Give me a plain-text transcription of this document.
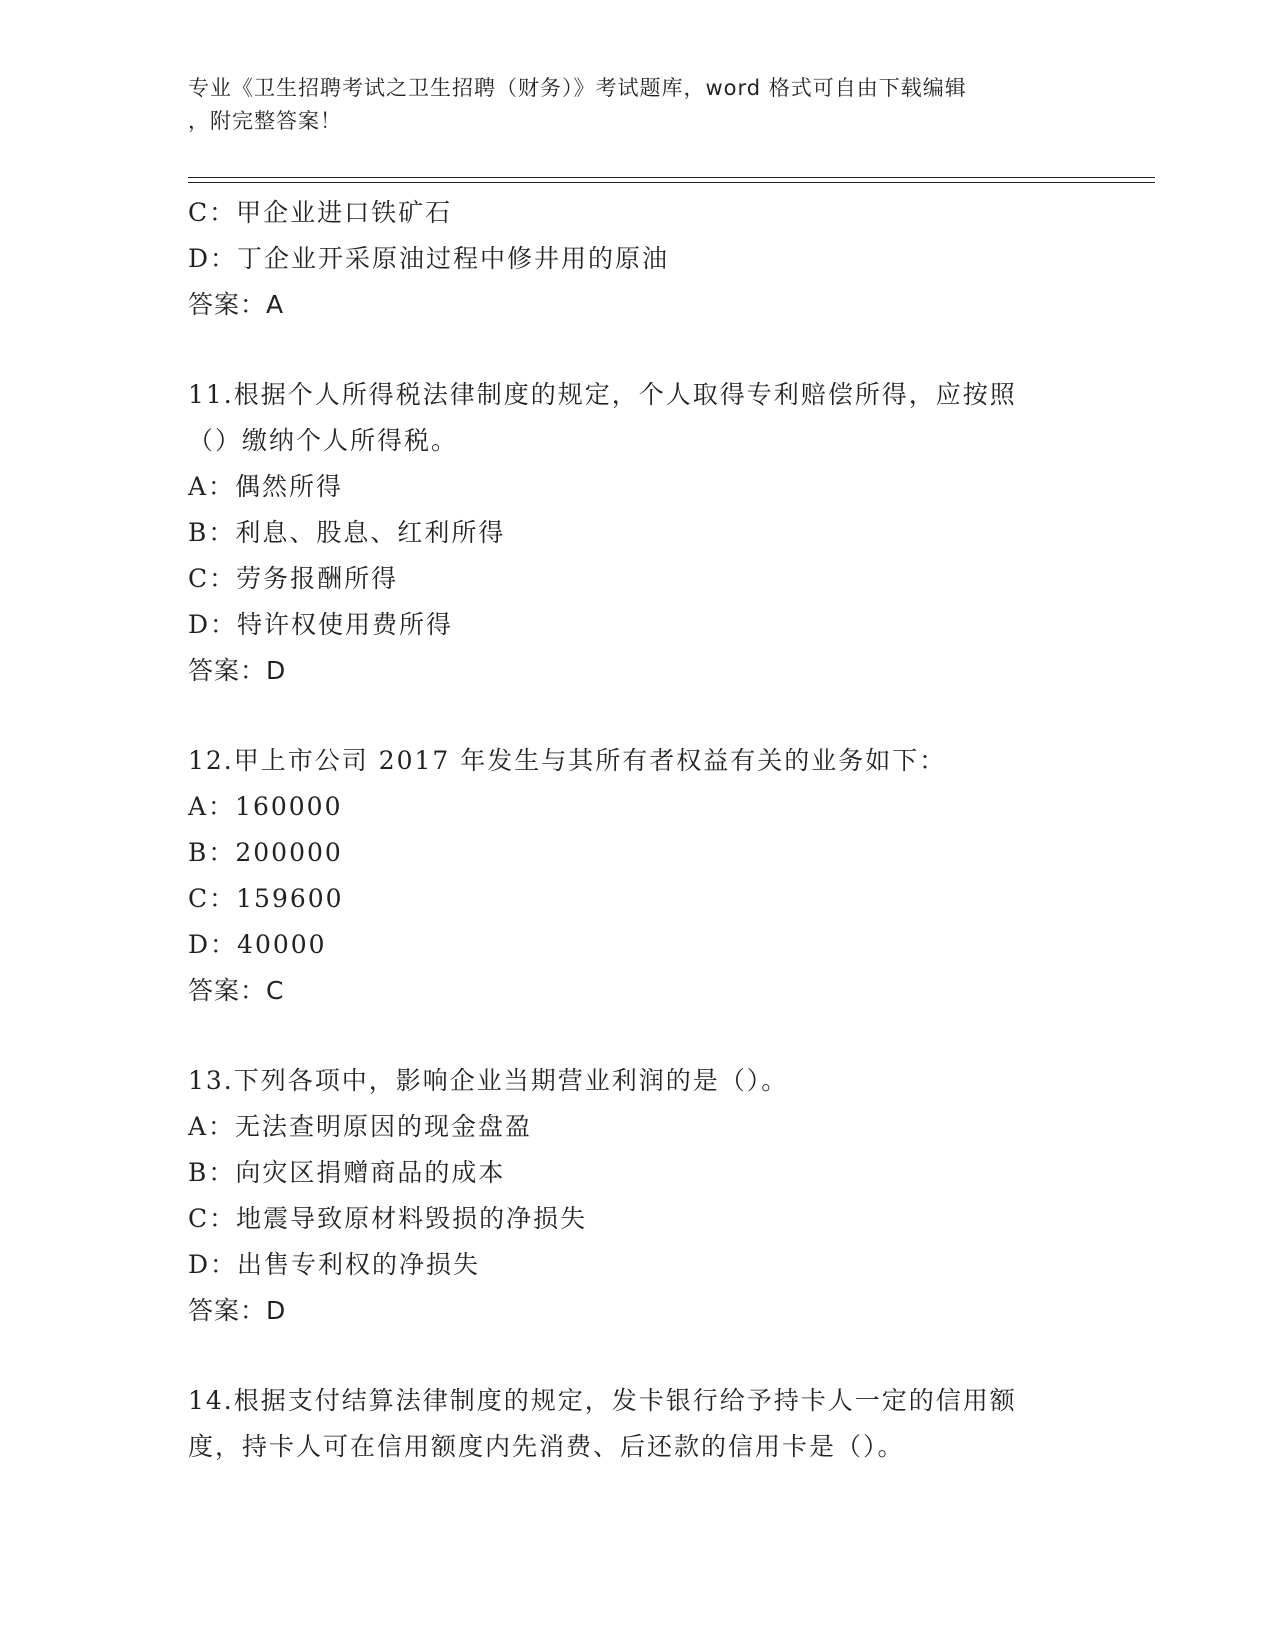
专业《卫生招聘考试之卫生招聘（财务）》考试题库，word 格式可自由下载编辑
，附完整答案！
C：甲企业进口铁矿石
D：丁企业开采原油过程中修井用的原油
答案：A
11.根据个人所得税法律制度的规定，个人取得专利赔偿所得，应按照
（）缴纳个人所得税。
A：偶然所得
B：利息、股息、红利所得
C：劳务报酬所得
D：特许权使用费所得
答案：D
12.甲上市公司 2017 年发生与其所有者权益有关的业务如下：
A：160000
B：200000
C：159600
D：40000
答案：C
13.下列各项中，影响企业当期营业利润的是（）。
A：无法查明原因的现金盘盈
B：向灾区捐赠商品的成本
C：地震导致原材料毁损的净损失
D：出售专利权的净损失
答案：D
14.根据支付结算法律制度的规定，发卡银行给予持卡人一定的信用额
度，持卡人可在信用额度内先消费、后还款的信用卡是（）。
